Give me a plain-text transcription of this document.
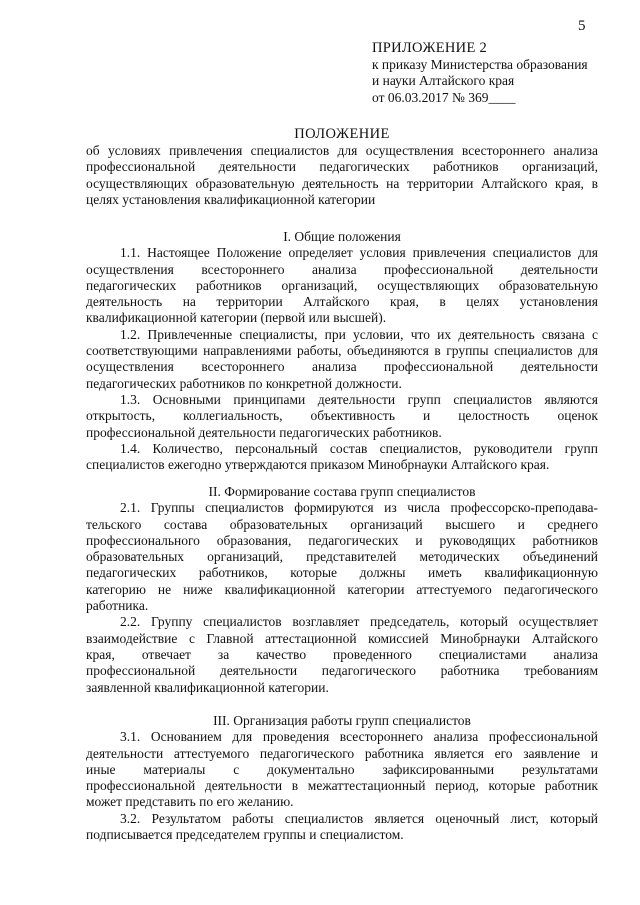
5
ПРИЛОЖЕНИЕ 2
к приказу Министерства образования
и науки Алтайского края
от 06.03.2017 № 369____
ПОЛОЖЕНИЕ
об условиях привлечения специалистов для осуществления всестороннего анализа
профессиональной деятельности педагогических работников организаций,
осуществляющих образовательную деятельность на территории Алтайского края, в
целях установления квалификационной категории
I. Общие положения
1.1. Настоящее Положение определяет условия привлечения специалистов для
осуществления всестороннего анализа профессиональной деятельности
педагогических работников организаций, осуществляющих образовательную
деятельность на территории Алтайского края, в целях установления
квалификационной категории (первой или высшей).
1.2. Привлеченные специалисты, при условии, что их деятельность связана с
соответствующими направлениями работы, объединяются в группы специалистов для
осуществления всестороннего анализа профессиональной деятельности
педагогических работников по конкретной должности.
1.3. Основными принципами деятельности групп специалистов являются
открытость, коллегиальность, объективность и целостность оценок
профессиональной деятельности педагогических работников.
1.4. Количество, персональный состав специалистов, руководители групп
специалистов ежегодно утверждаются приказом Минобрнауки Алтайского края.
II. Формирование состава групп специалистов
2.1. Группы специалистов формируются из числа профессорско-преподава-
тельского состава образовательных организаций высшего и среднего
профессионального образования, педагогических и руководящих работников
образовательных организаций, представителей методических объединений
педагогических работников, которые должны иметь квалификационную
категорию не ниже квалификационной категории аттестуемого педагогического
работника.
2.2. Группу специалистов возглавляет председатель, который осуществляет
взаимодействие с Главной аттестационной комиссией Минобрнауки Алтайского
края, отвечает за качество проведенного специалистами анализа
профессиональной деятельности педагогического работника требованиям
заявленной квалификационной категории.
III. Организация работы групп специалистов
3.1. Основанием для проведения всестороннего анализа профессиональной
деятельности аттестуемого педагогического работника является его заявление и
иные материалы с документально зафиксированными результатами
профессиональной деятельности в межаттестационный период, которые работник
может представить по его желанию.
3.2. Результатом работы специалистов является оценочный лист, который
подписывается председателем группы и специалистом.
